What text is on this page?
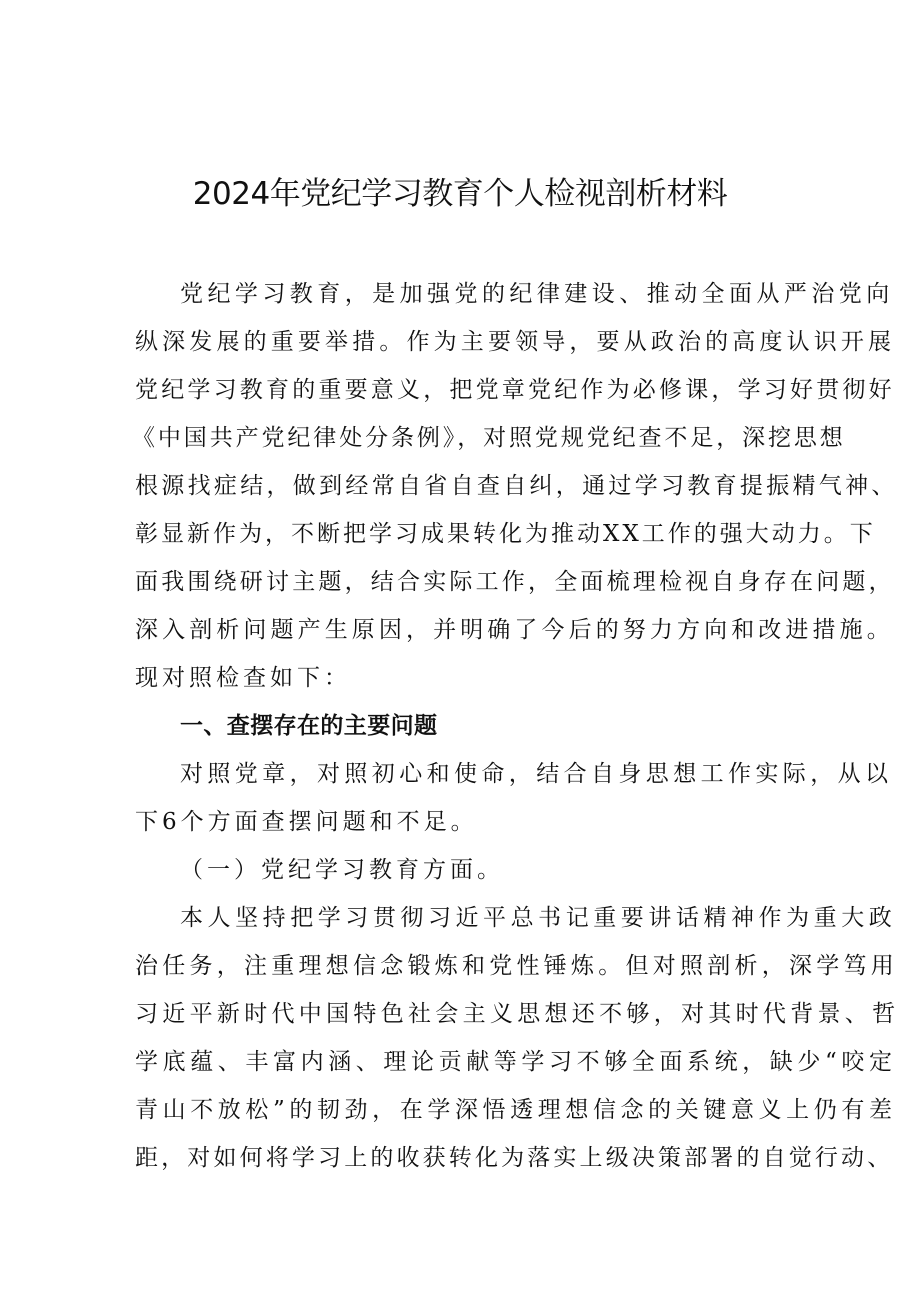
2024年党纪学习教育个人检视剖析材料

党纪学习教育，是加强党的纪律建设、推动全面从严治党向

纵深发展的重要举措。作为主要领导，要从政治的高度认识开展

党纪学习教育的重要意义，把党章党纪作为必修课，学习好贯彻好

《中国共产党纪律处分条例》，对照党规党纪查不足，深挖思想

根源找症结，做到经常自省自查自纠，通过学习教育提振精气神、

彰显新作为，不断把学习成果转化为推动XX工作的强大动力。下

面我围绕研讨主题，结合实际工作，全面梳理检视自身存在问题，

深入剖析问题产生原因，并明确了今后的努力方向和改进措施。

现对照检查如下：

一、查摆存在的主要问题

对照党章，对照初心和使命，结合自身思想工作实际，从以

下6个方面查摆问题和不足。

（一）党纪学习教育方面。

本人坚持把学习贯彻习近平总书记重要讲话精神作为重大政

治任务，注重理想信念锻炼和党性锤炼。但对照剖析，深学笃用

习近平新时代中国特色社会主义思想还不够，对其时代背景、哲

学底蕴、丰富内涵、理论贡献等学习不够全面系统，缺少“咬定

青山不放松”的韧劲，在学深悟透理想信念的关键意义上仍有差

距，对如何将学习上的收获转化为落实上级决策部署的自觉行动、
